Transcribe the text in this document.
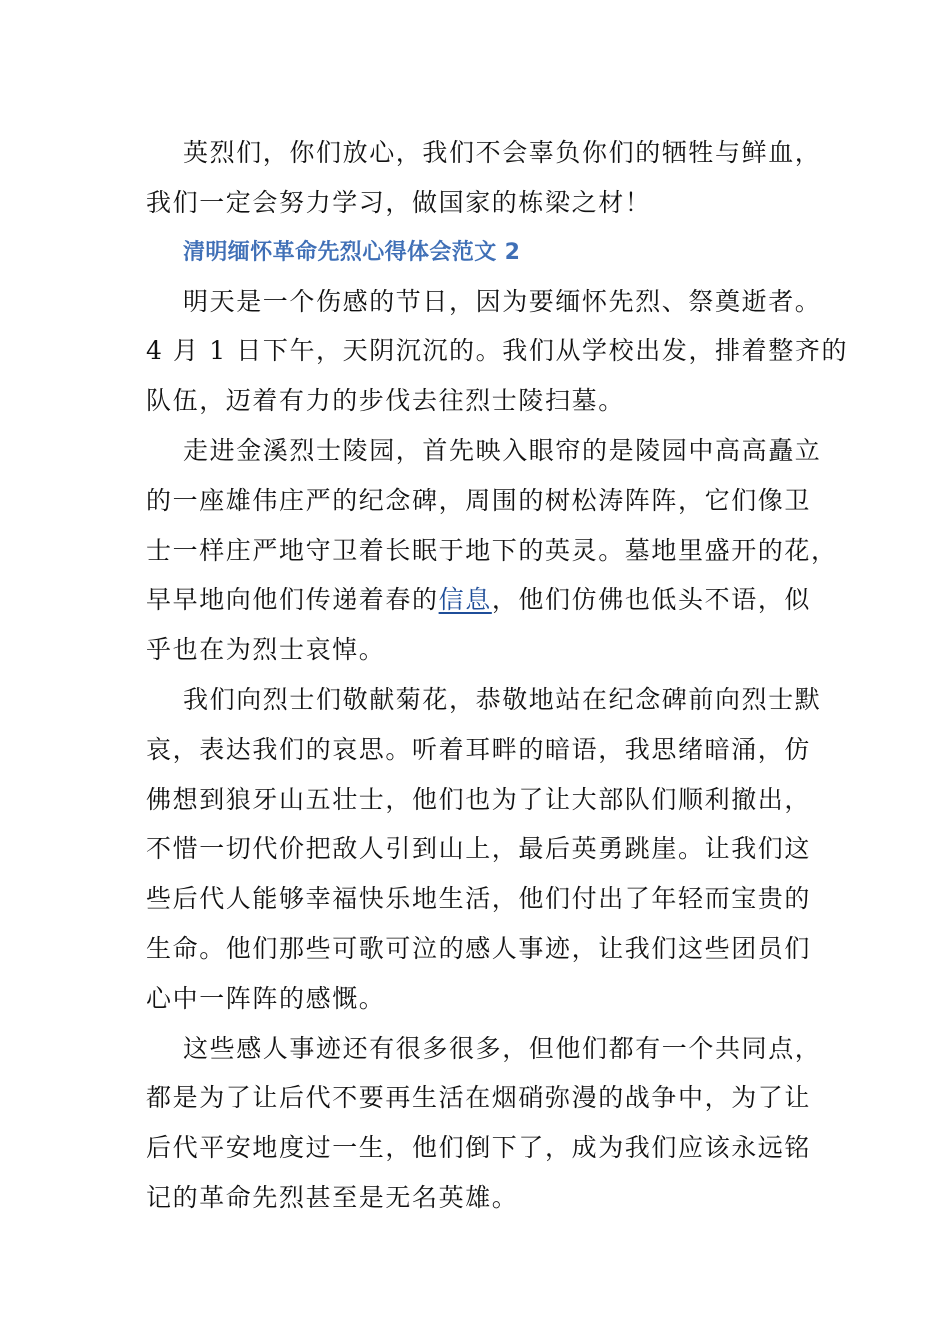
英烈们，你们放心，我们不会辜负你们的牺牲与鲜血，
我们一定会努力学习，做国家的栋梁之材！
清明缅怀革命先烈心得体会范文 2
明天是一个伤感的节日，因为要缅怀先烈、祭奠逝者。
4 月 1 日下午，天阴沉沉的。我们从学校出发，排着整齐的
队伍，迈着有力的步伐去往烈士陵扫墓。
走进金溪烈士陵园，首先映入眼帘的是陵园中高高矗立
的一座雄伟庄严的纪念碑，周围的树松涛阵阵，它们像卫
士一样庄严地守卫着长眠于地下的英灵。墓地里盛开的花，
早早地向他们传递着春的信息，他们仿佛也低头不语，似
乎也在为烈士哀悼。
我们向烈士们敬献菊花，恭敬地站在纪念碑前向烈士默
哀，表达我们的哀思。听着耳畔的暗语，我思绪暗涌，仿
佛想到狼牙山五壮士，他们也为了让大部队们顺利撤出，
不惜一切代价把敌人引到山上，最后英勇跳崖。让我们这
些后代人能够幸福快乐地生活，他们付出了年轻而宝贵的
生命。他们那些可歌可泣的感人事迹，让我们这些团员们
心中一阵阵的感慨。
这些感人事迹还有很多很多，但他们都有一个共同点，
都是为了让后代不要再生活在烟硝弥漫的战争中，为了让
后代平安地度过一生，他们倒下了，成为我们应该永远铭
记的革命先烈甚至是无名英雄。
